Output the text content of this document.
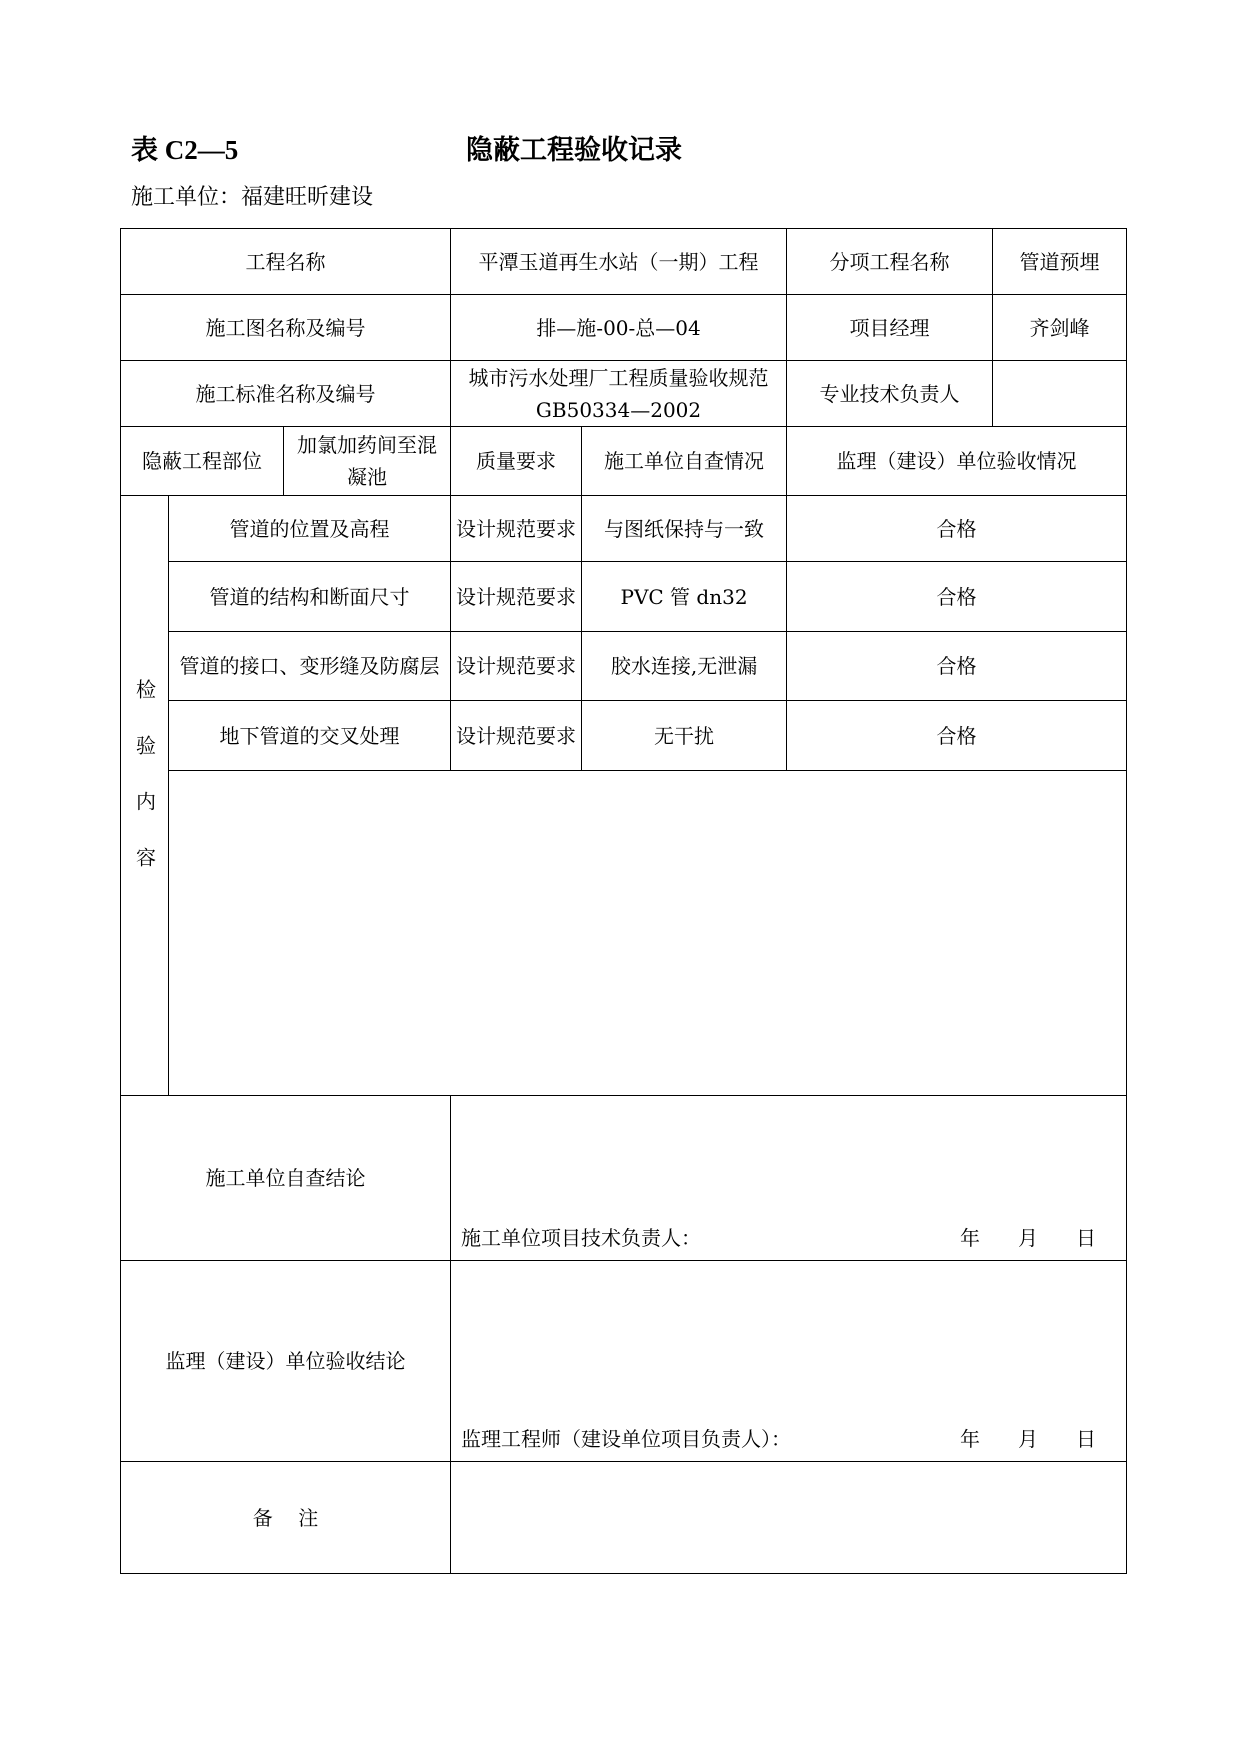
表 C2—5	隐蔽工程验收记录
施工单位：福建旺昕建设
工程名称			平潭玉道再生水站（一期）工程		分项工程名称	管道预埋
施工图名称及编号			排—施-00-总—04		项目经理	齐剑峰
施工标准名称及编号			城市污水处理厂工程质量验收规范 GB50334—2002		专业技术负责人	
隐蔽工程部位		加氯加药间至混凝池	质量要求	施工单位自查情况	监理（建设）单位验收情况	
检验内容	管道的位置及高程		设计规范要求	与图纸保持与一致	合格	
	管道的结构和断面尺寸		设计规范要求	PVC 管 dn32	合格	
	管道的接口、变形缝及防腐层		设计规范要求	胶水连接,无泄漏	合格	
	地下管道的交叉处理		设计规范要求	无干扰	合格	

施工单位自查结论			施工单位项目技术负责人： 年 月 日			

监理（建设）单位验收结论			监理工程师（建设单位项目负责人）： 年 月 日			

备    注						
